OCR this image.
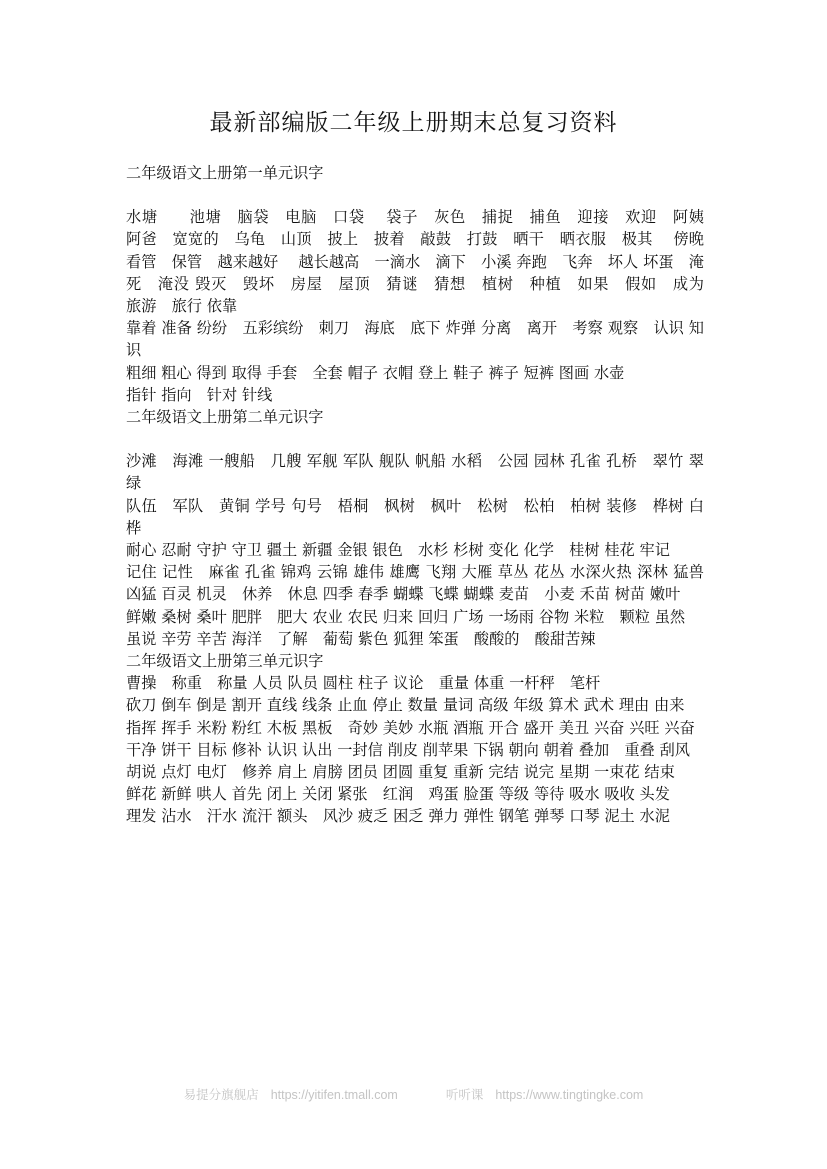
最新部编版二年级上册期末总复习资料
二年级语文上册第一单元识字
水塘　　池塘　脑袋　电脑　口袋　 袋子　灰色　捕捉　捕鱼　迎接　欢迎　阿姨　 阿爸　宽宽的　乌龟　山顶　披上　披着　敲鼓　打鼓　晒干　晒衣服　极其　 傍晚　看管　保管　越来越好　 越长越高　一滴水　滴下　小溪 奔跑　飞奔　坏人 坏蛋　淹死　淹没 毁灭　毁坏　房屋　屋顶　猜谜　猜想　植树　种植　如果　假如　成为　旅游　旅行 依靠
靠着 准备 纷纷　五彩缤纷　刺刀　海底　底下 炸弹 分离　离开　考察 观察　认识 知识
粗细 粗心 得到 取得 手套　全套 帽子 衣帽 登上 鞋子 裤子 短裤 图画 水壶
指针 指向　针对 针线
二年级语文上册第二单元识字
沙滩　海滩 一艘船　几艘 军舰 军队 舰队 帆船 水稻　公园 园林 孔雀 孔桥　翠竹 翠绿
队伍　军队　黄铜 学号 句号　梧桐　枫树　枫叶　松树　松柏　柏树 装修　桦树 白桦
耐心 忍耐 守护 守卫 疆土 新疆 金银 银色　水杉 杉树 变化 化学　桂树 桂花 牢记
记住 记性　麻雀 孔雀 锦鸡 云锦 雄伟 雄鹰 飞翔 大雁 草丛 花丛 水深火热 深林 猛兽凶猛 百灵 机灵　休养　休息 四季 春季 蝴蝶 飞蝶 蝴蝶 麦苗　小麦 禾苗 树苗 嫩叶
鲜嫩 桑树 桑叶 肥胖　肥大 农业 农民 归来 回归 广场 一场雨 谷物 米粒　颗粒 虽然
虽说 辛劳 辛苦 海洋　了解　葡萄 紫色 狐狸 笨蛋　酸酸的　酸甜苦辣
二年级语文上册第三单元识字
曹操　称重　称量 人员 队员 圆柱 柱子 议论　重量 体重 一杆秤　笔杆
砍刀 倒车 倒是 割开 直线 线条 止血 停止 数量 量词 高级 年级 算术 武术 理由 由来
指挥 挥手 米粉 粉红 木板 黑板　奇妙 美妙 水瓶 酒瓶 开合 盛开 美丑 兴奋 兴旺 兴奋
干净 饼干 目标 修补 认识 认出 一封信 削皮 削苹果 下锅 朝向 朝着 叠加　重叠 刮风
胡说 点灯 电灯　修养 肩上 肩膀 团员 团圆 重复 重新 完结 说完 星期 一束花 结束
鲜花 新鲜 哄人 首先 闭上 关闭 紧张　红润　鸡蛋 脸蛋 等级 等待 吸水 吸收 头发
理发 沾水　汗水 流汗 额头　风沙 疲乏 困乏 弹力 弹性 钢笔 弹琴 口琴 泥土 水泥
易提分旗舰店 https://yitifen.tmall.com	听听课 https://www.tingtingke.com
